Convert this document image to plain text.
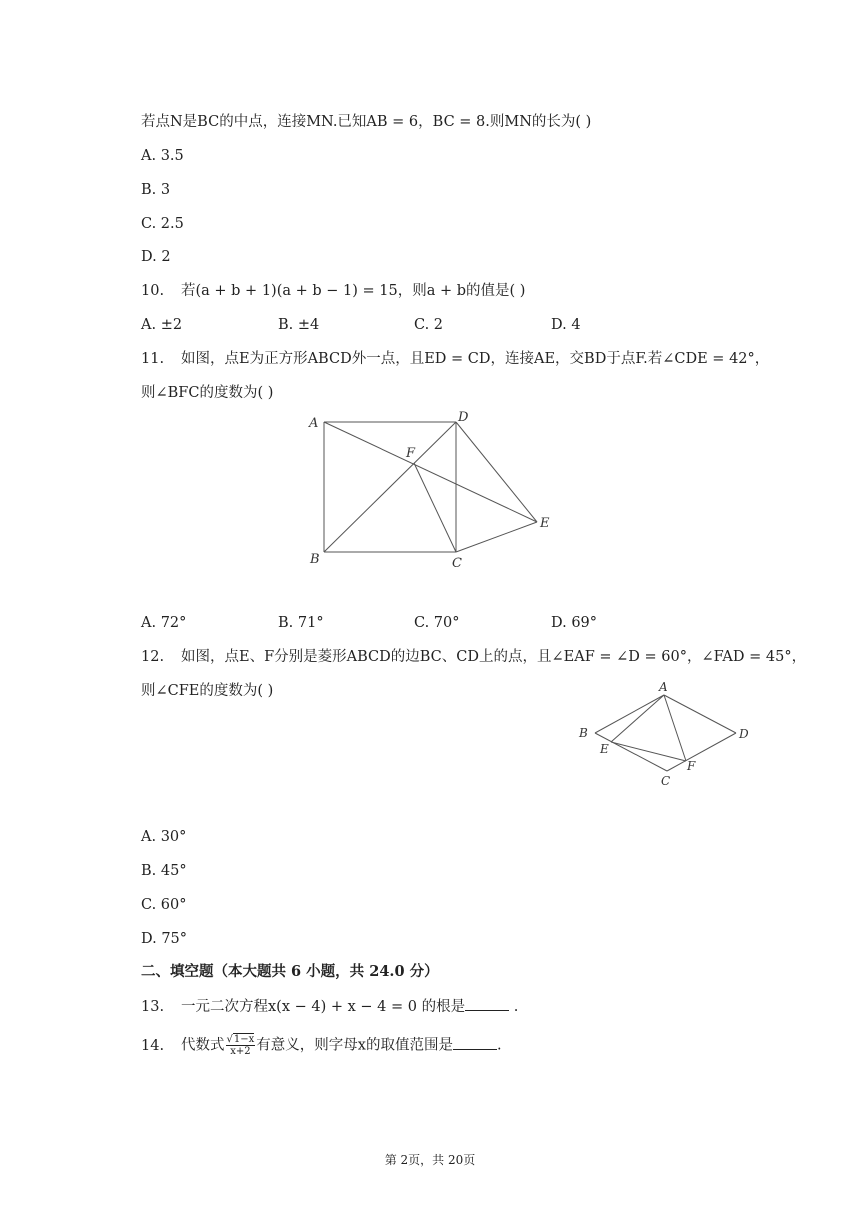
若点N是BC的中点，连接MN.已知AB = 6，BC = 8.则MN的长为( )
A. 3.5
B. 3
C. 2.5
D. 2
10. 若(a + b + 1)(a + b − 1) = 15，则a + b的值是( )
A. ±2	B. ±4	C. 2	D. 4
11. 如图，点E为正方形ABCD外一点，且ED = CD，连接AE，交BD于点F.若∠CDE = 42°，
则∠BFC的度数为( )
A	D
F
E
B	C
A. 72°	B. 71°	C. 70°	D. 69°
12. 如图，点E、F分别是菱形ABCD的边BC、CD上的点，且∠EAF = ∠D = 60°，∠FAD = 45°，
则∠CFE的度数为( )	A
B
E
D
F
C
A. 30°
B. 45°
C. 60°
D. 75°
二、填空题（本大题共 6 小题，共 24.0 分）
13. 一元二次方程x(x − 4) + x − 4 = 0 的根是	.
14. 代数式 $\frac{√1-x}{x+2}$ 有意义，则字母x的取值范围是	.
第 2页，共 20页
